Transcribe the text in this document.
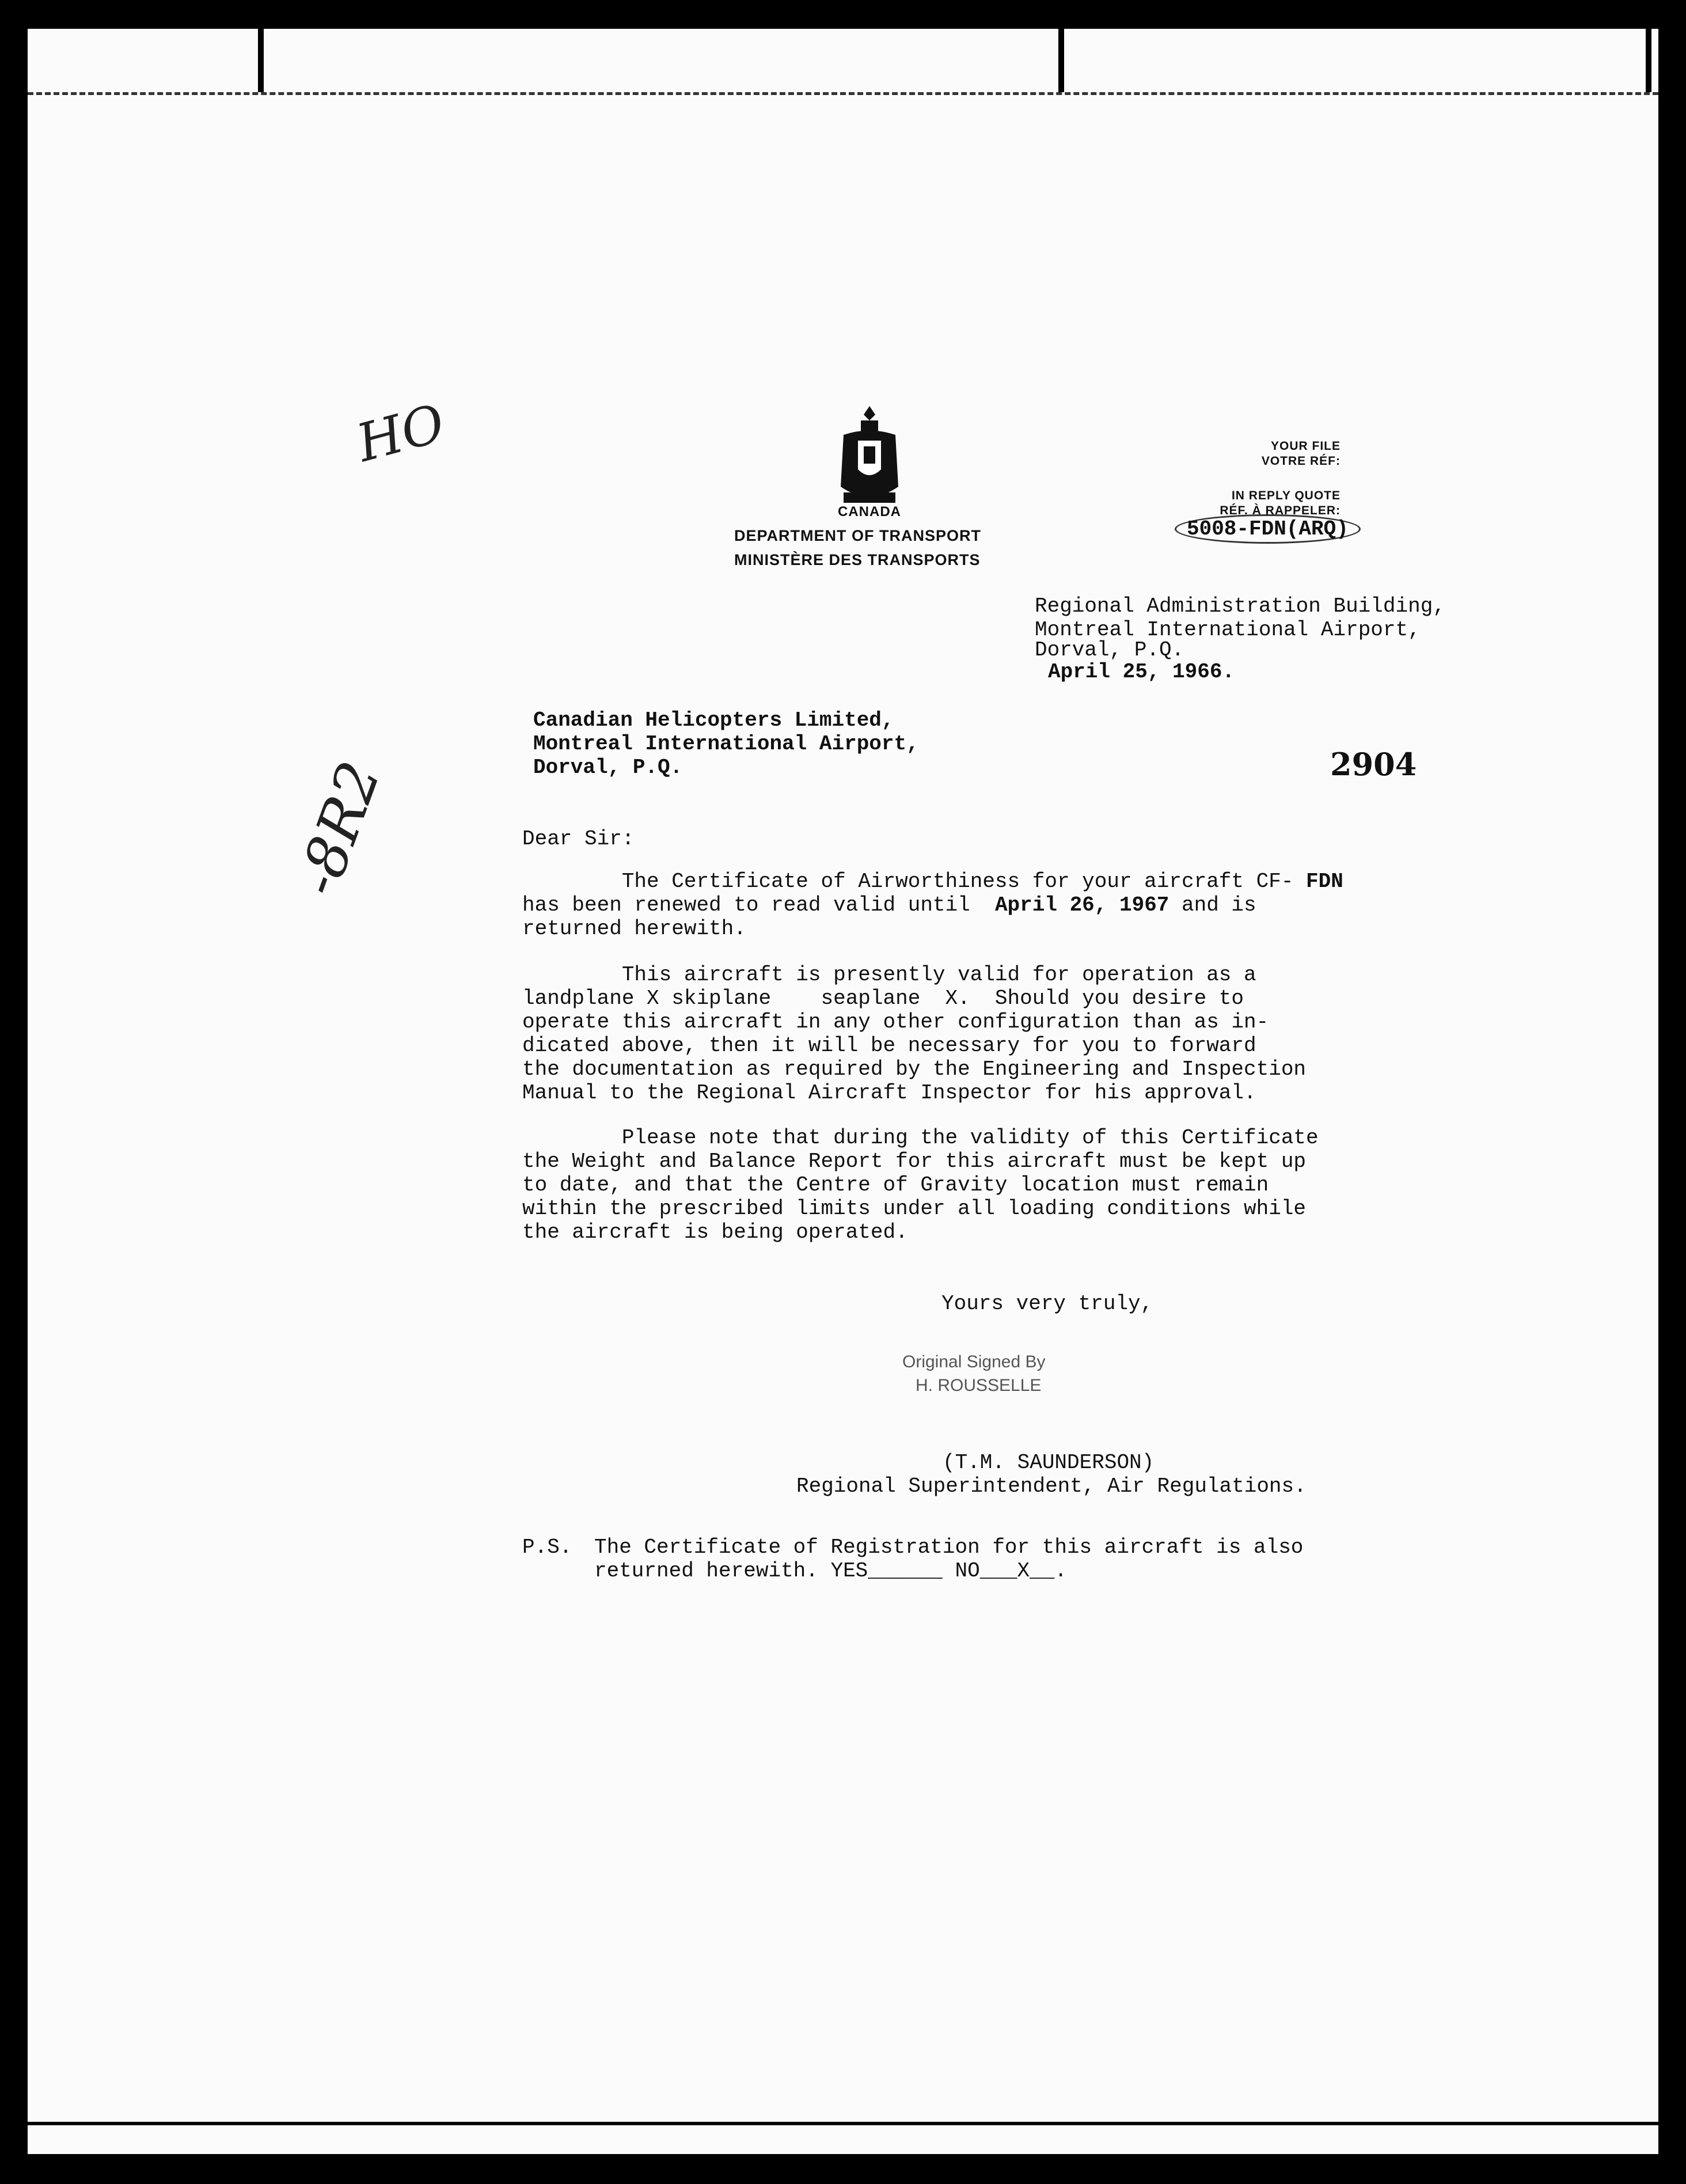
CANADA
DEPARTMENT OF TRANSPORT
MINISTÈRE DES TRANSPORTS
YOUR FILE
VOTRE RÉF:
IN REPLY QUOTE
RÉF. À RAPPELER:
5008-FDN(ARQ)
Regional Administration Building,
Montreal International Airport,
Dorval, P.Q.
April 25, 1966.
Canadian Helicopters Limited,
Montreal International Airport,
Dorval, P.Q.	2904
HO
-8R2	Dear Sir:
The Certificate of Airworthiness for your aircraft CF- FDN
has been renewed to read valid until April 26, 1967 and is
returned herewith.
This aircraft is presently valid for operation as a
landplane X skiplane    seaplane  X.  Should you desire to
operate this aircraft in any other configuration than as in-
dicated above, then it will be necessary for you to forward
the documentation as required by the Engineering and Inspection
Manual to the Regional Aircraft Inspector for his approval.
Please note that during the validity of this Certificate
the Weight and Balance Report for this aircraft must be kept up
to date, and that the Centre of Gravity location must remain
within the prescribed limits under all loading conditions while
the aircraft is being operated.
Yours very truly,
Original Signed By
H. ROUSSELLE
(T.M. SAUNDERSON)
Regional Superintendent, Air Regulations.
P.S. The Certificate of Registration for this aircraft is also
returned herewith. YES______ NO___X__.
